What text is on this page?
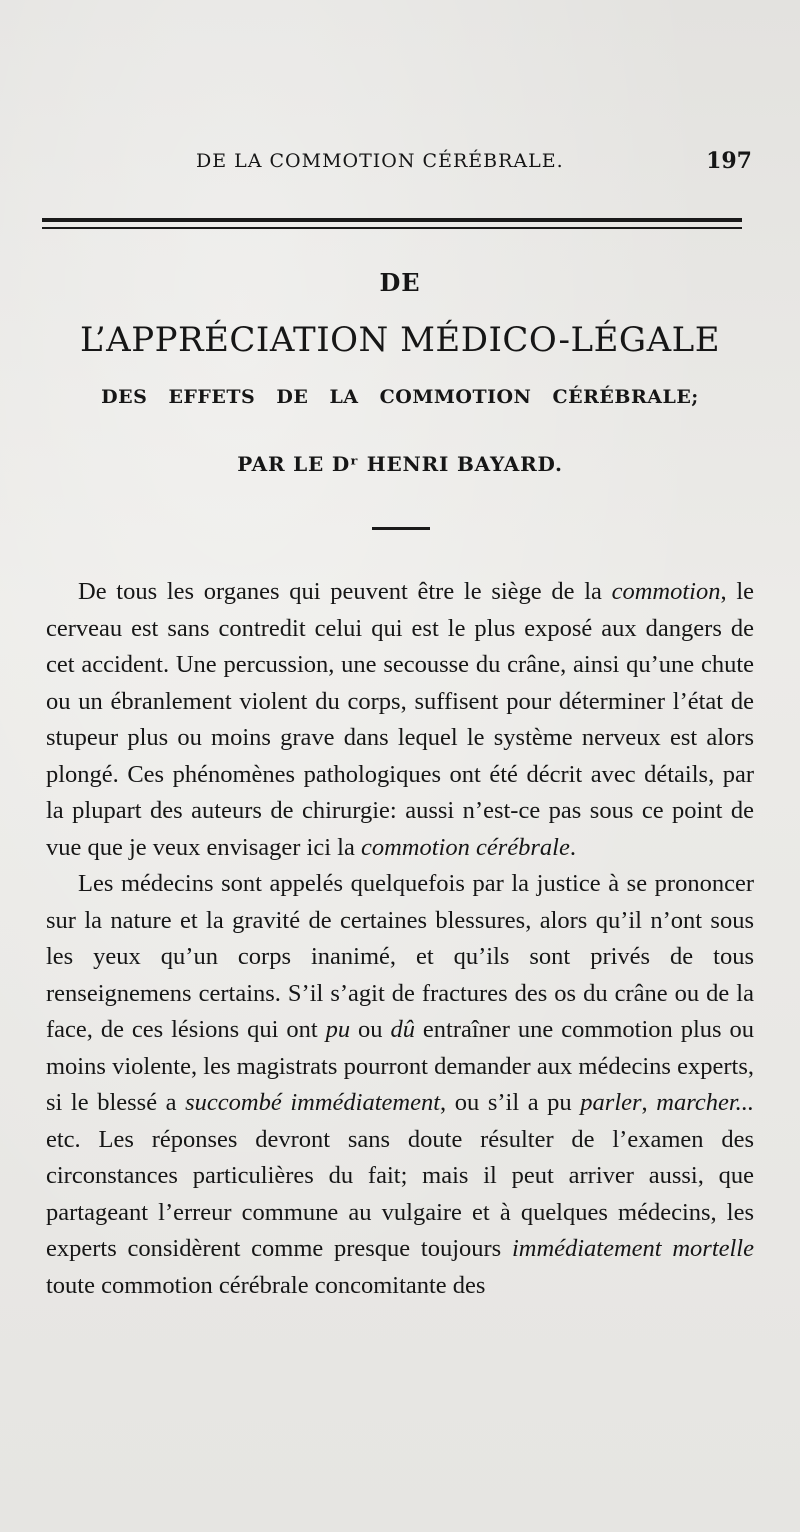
DE LA COMMOTION CÉRÉBRALE.	197
DE
L’APPRÉCIATION MÉDICO-LÉGALE
DES EFFETS DE LA COMMOTION CÉRÉBRALE;
PAR LE Dʳ HENRI BAYARD.

De tous les organes qui peuvent être le siège de la commotion, le cerveau est sans contredit celui qui est le plus exposé aux dangers de cet accident. Une percussion, une secousse du crâne, ainsi qu’une chute ou un ébranlement violent du corps, suffisent pour déterminer l’état de stupeur plus ou moins grave dans lequel le système nerveux est alors plongé. Ces phénomènes pathologiques ont été décrit avec détails, par la plupart des auteurs de chirurgie: aussi n’est-ce pas sous ce point de vue que je veux envisager ici la commotion cérébrale.

Les médecins sont appelés quelquefois par la justice à se prononcer sur la nature et la gravité de certaines blessures, alors qu’il n’ont sous les yeux qu’un corps inanimé, et qu’ils sont privés de tous renseignemens certains. S’il s’agit de fractures des os du crâne ou de la face, de ces lésions qui ont pu ou dû entraîner une commotion plus ou moins violente, les magistrats pourront demander aux médecins experts, si le blessé a succombé immédiatement, ou s’il a pu parler, marcher... etc. Les réponses devront sans doute résulter de l’examen des circonstances particulières du fait; mais il peut arriver aussi, que partageant l’erreur commune au vulgaire et à quelques médecins, les experts considèrent comme presque toujours immédiatement mortelle toute commotion cérébrale concomitante des
